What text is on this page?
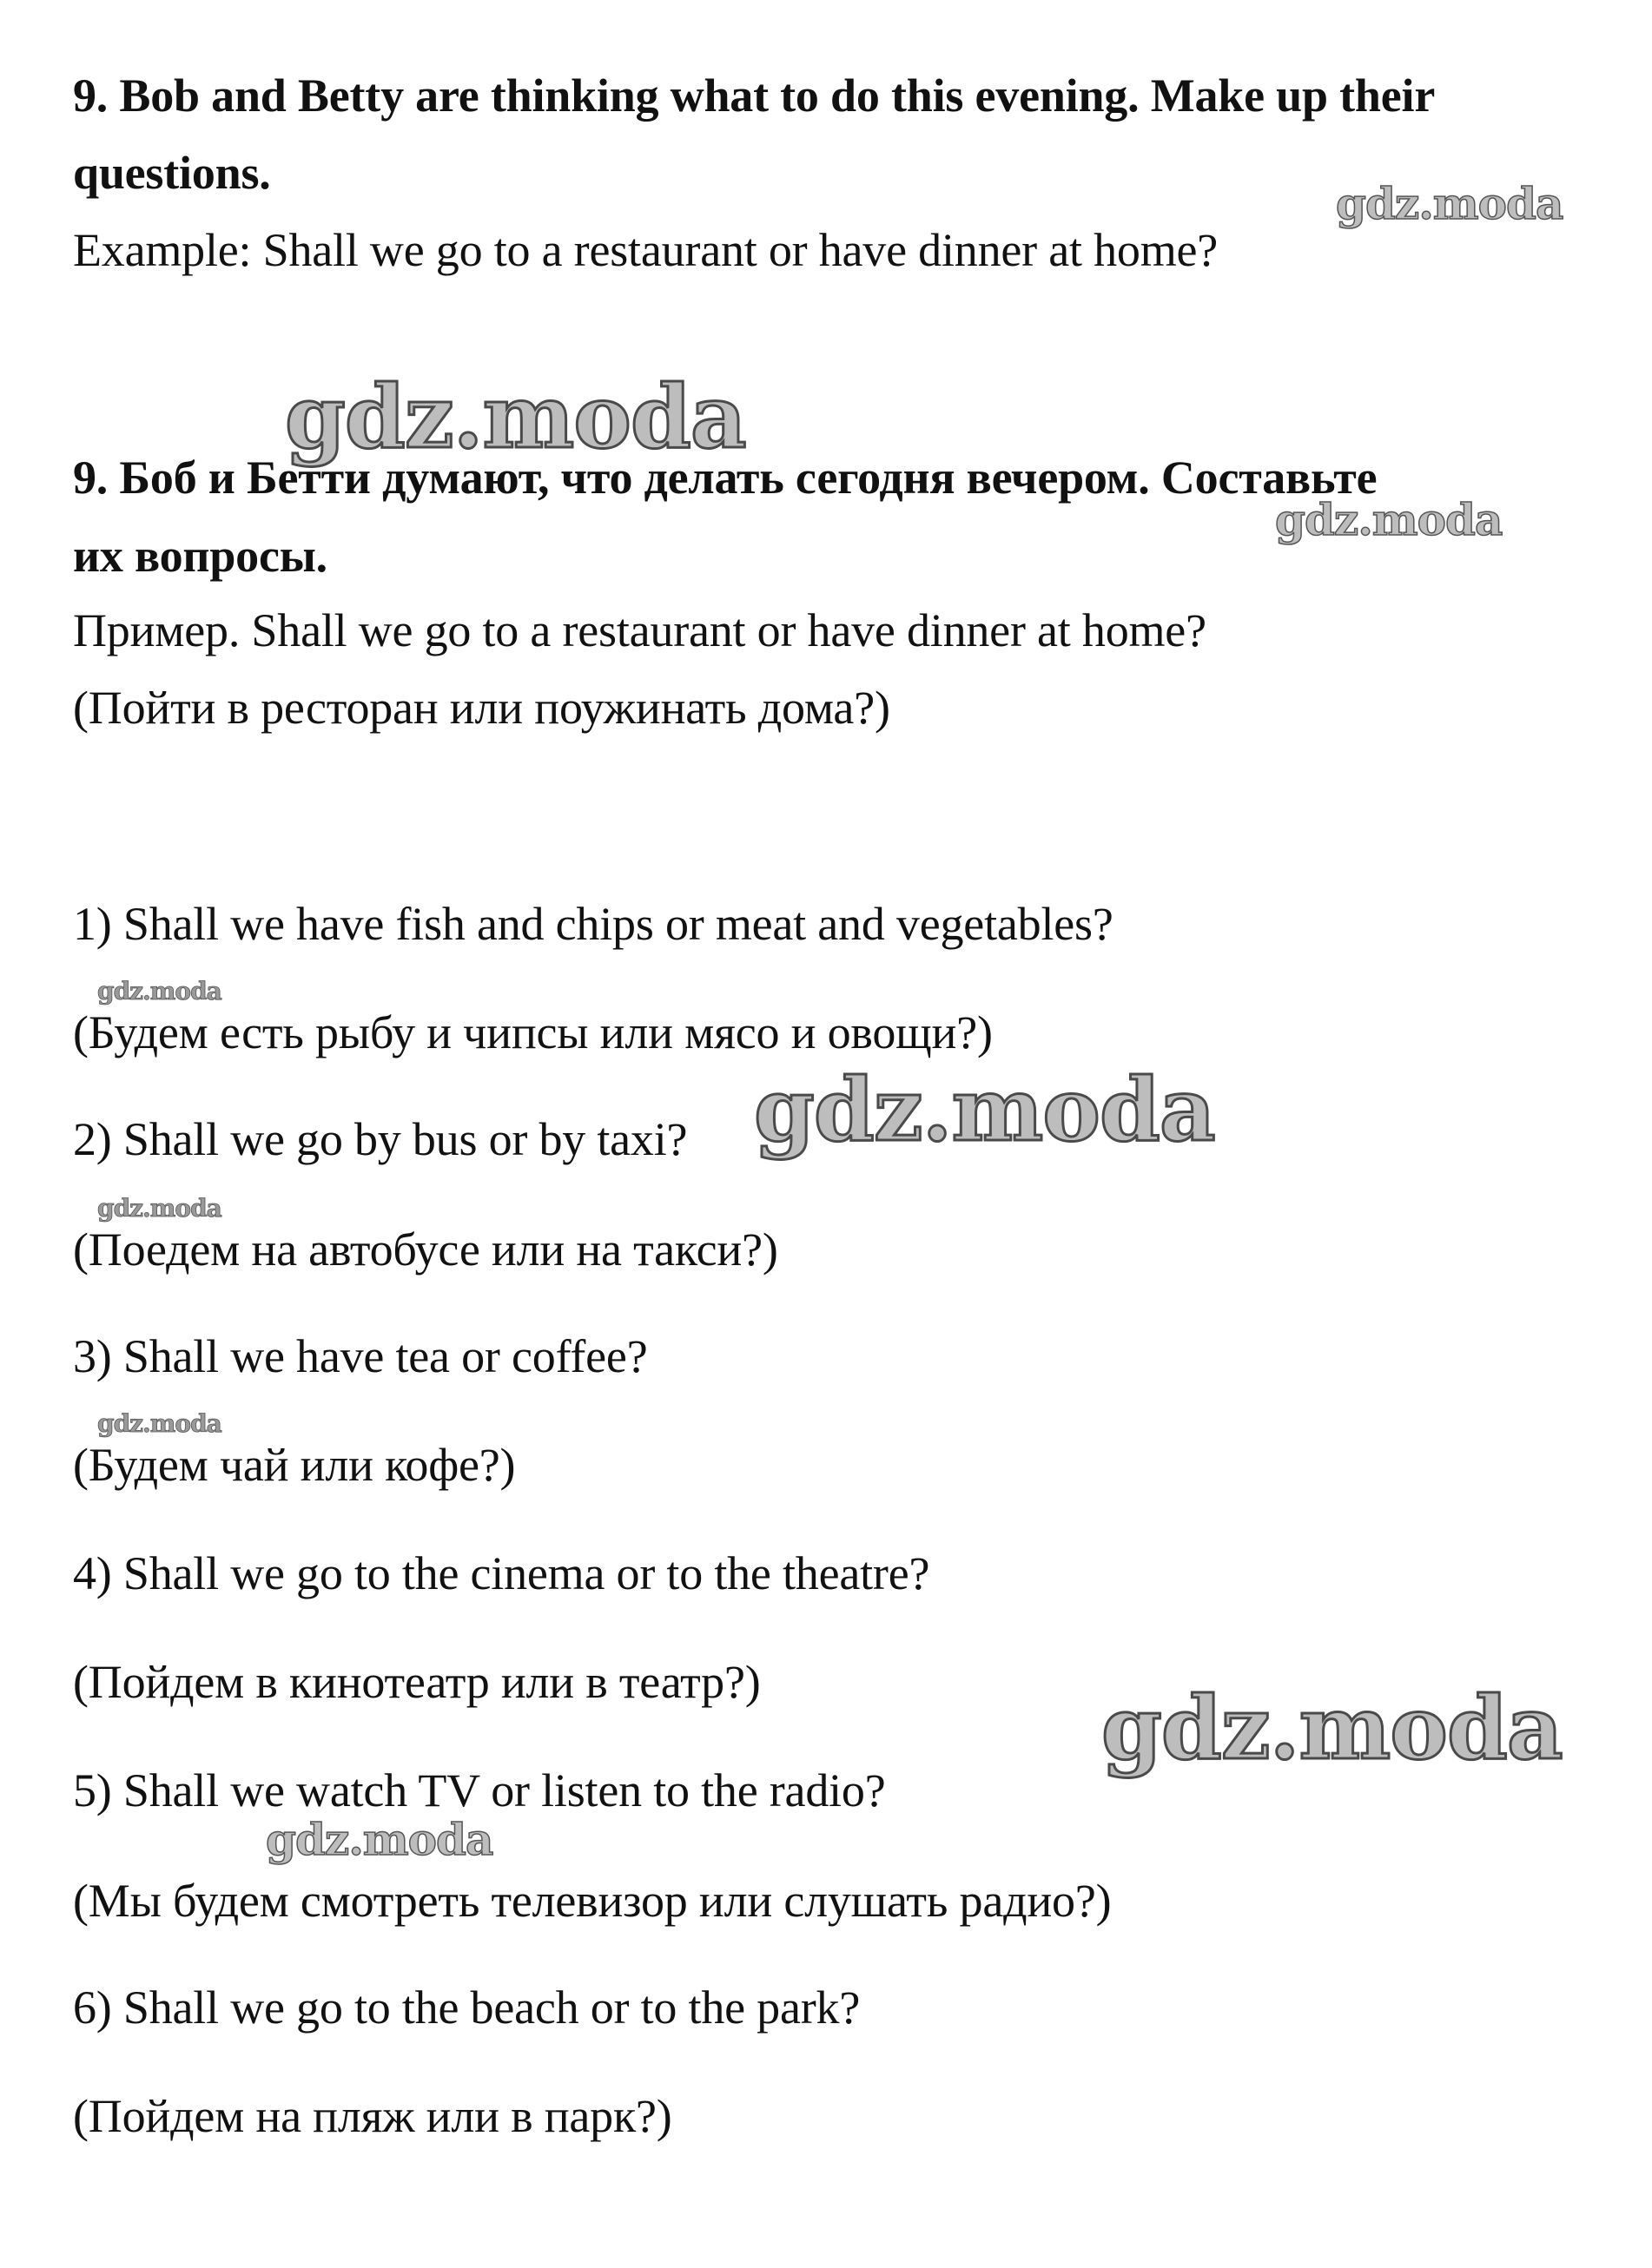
9. Bob and Betty are thinking what to do this evening. Make up their
questions.
Example: Shall we go to a restaurant or have dinner at home?
9. Боб и Бетти думают, что делать сегодня вечером. Составьте
их вопросы.
Пример. Shall we go to a restaurant or have dinner at home?
(Пойти в ресторан или поужинать дома?)
1) Shall we have fish and chips or meat and vegetables?
(Будем есть рыбу и чипсы или мясо и овощи?)
2) Shall we go by bus or by taxi?
(Поедем на автобусе или на такси?)
3) Shall we have tea or coffee?
(Будем чай или кофе?)
4) Shall we go to the cinema or to the theatre?
(Пойдем в кинотеатр или в театр?)
5) Shall we watch TV or listen to the radio?
(Мы будем смотреть телевизор или слушать радио?)
6) Shall we go to the beach or to the park?
(Пойдем на пляж или в парк?)
gdz.moda
gdz.moda
gdz.moda
gdz.moda
gdz.moda
gdz.moda
gdz.moda
gdz.moda
gdz.moda
